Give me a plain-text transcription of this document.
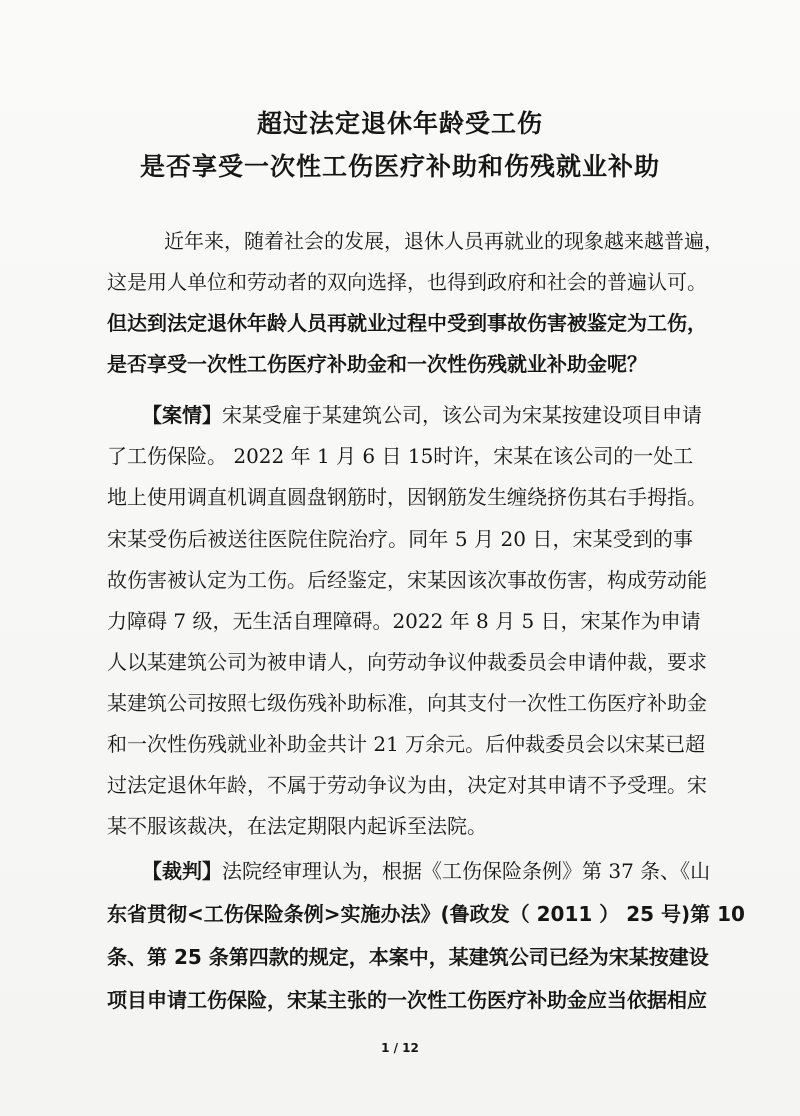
超过法定退休年龄受工伤
是否享受一次性工伤医疗补助和伤残就业补助
近年来，随着社会的发展，退休人员再就业的现象越来越普遍，
这是用人单位和劳动者的双向选择，也得到政府和社会的普遍认可。
但达到法定退休年龄人员再就业过程中受到事故伤害被鉴定为工伤，
是否享受一次性工伤医疗补助金和一次性伤残就业补助金呢？
【案情】宋某受雇于某建筑公司，该公司为宋某按建设项目申请
了工伤保险。 2022 年 1 月 6 日 15时许，宋某在该公司的一处工
地上使用调直机调直圆盘钢筋时，因钢筋发生缠绕挤伤其右手拇指。
宋某受伤后被送往医院住院治疗。同年 5 月 20 日，宋某受到的事
故伤害被认定为工伤。后经鉴定，宋某因该次事故伤害，构成劳动能
力障碍 7 级，无生活自理障碍。2022 年 8 月 5 日，宋某作为申请
人以某建筑公司为被申请人，向劳动争议仲裁委员会申请仲裁，要求
某建筑公司按照七级伤残补助标准，向其支付一次性工伤医疗补助金
和一次性伤残就业补助金共计 21 万余元。后仲裁委员会以宋某已超
过法定退休年龄，不属于劳动争议为由，决定对其申请不予受理。宋
某不服该裁决，在法定期限内起诉至法院。
【裁判】法院经审理认为，根据《工伤保险条例》第 37 条、《山
东省贯彻<工伤保险条例>实施办法》(鲁政发（ 2011 ） 25 号)第 10
条、第 25 条第四款的规定，本案中，某建筑公司已经为宋某按建设
项目申请工伤保险，宋某主张的一次性工伤医疗补助金应当依据相应
1 / 12
